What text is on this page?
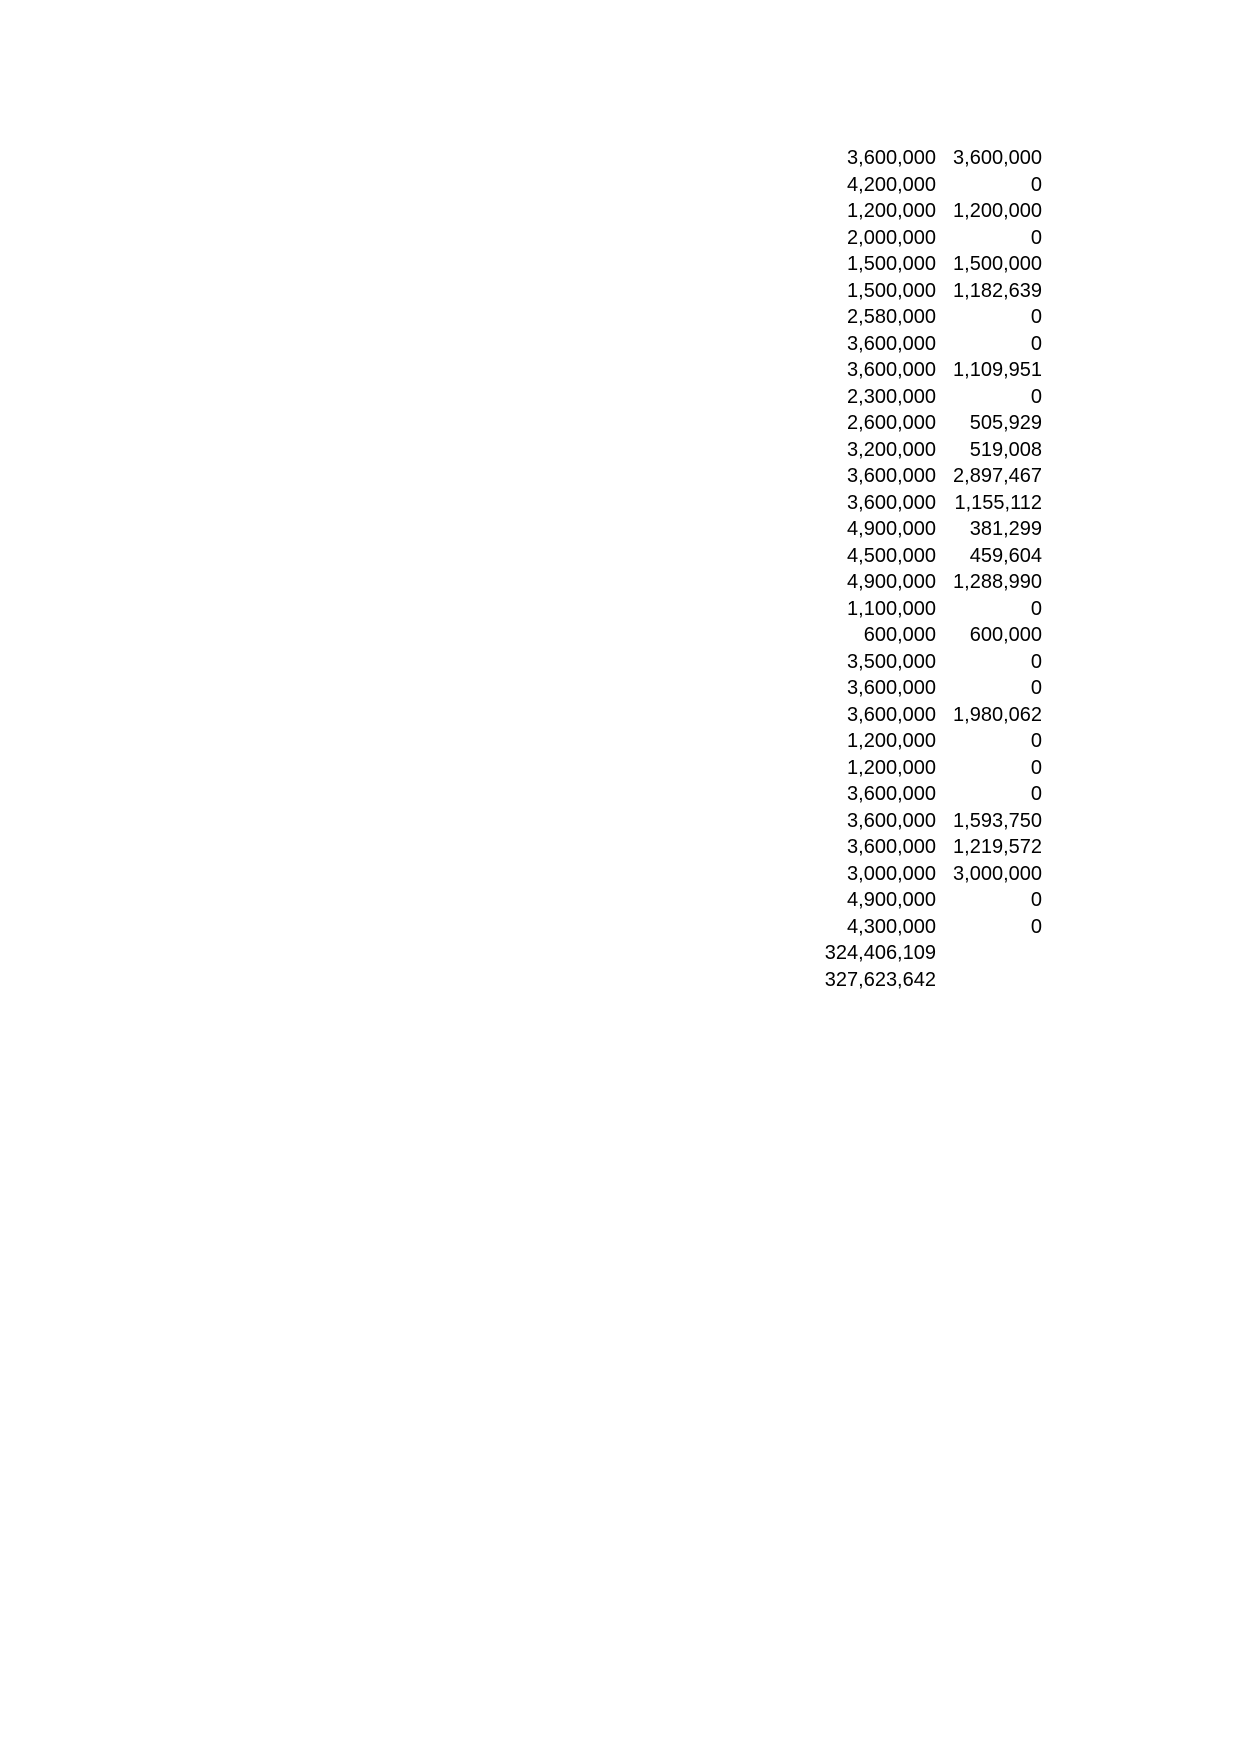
3,600,000 3,600,000
4,200,000	0
1,200,000 1,200,000
2,000,000	0
1,500,000 1,500,000
1,500,000 1,182,639
2,580,000	0
3,600,000	0
3,600,000 1,109,951
2,300,000	0
2,600,000	505,929
3,200,000	519,008
3,600,000 2,897,467
3,600,000 1,155,112
4,900,000	381,299
4,500,000	459,604
4,900,000 1,288,990
1,100,000	0
600,000	600,000
3,500,000	0
3,600,000	0
3,600,000 1,980,062
1,200,000	0
1,200,000	0
3,600,000	0
3,600,000 1,593,750
3,600,000 1,219,572
3,000,000 3,000,000
4,900,000	0
4,300,000	0
324,406,109
327,623,642
